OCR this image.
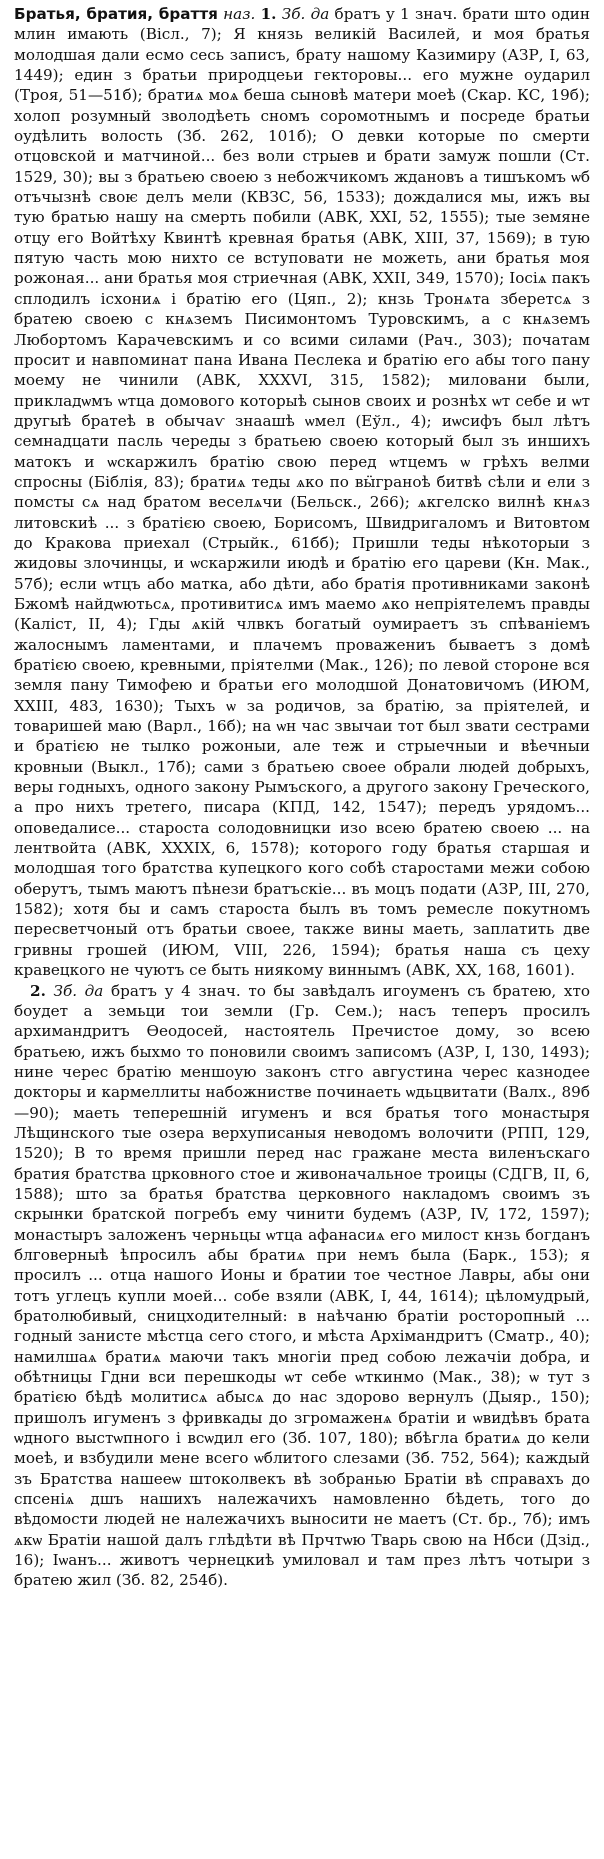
Братья, братия, браття наз. 1. Зб. да братъ у 1 знач. брати што один млин имають (Вісл., 7); Я князь великій Василей, и моя братья молодшая дали есмо сесь записъ, брату нашому Казимиру (АЗР, I, 63, 1449); един з братьи природцеьи гекторовы... его мужне оударил (Троя, 51—51б); братиѧ моѧ беша сыновѣ матери моеѣ (Скар. КС, 19б); холоп розумный зволодѣеть сномъ соромотнымъ и посреде братьи оудѣлить волость (Зб. 262, 101б); О девки которые по смерти отцовской и матчиной... без воли стрыев и брати замуж пошли (Ст. 1529, 30); вы з братьею своею з небожчикомъ ждановъ а тишъкомъ ѡб отъчызнѣ своѥ делъ мели (КВЗС, 56, 1533); дождалися мы, ижъ вы тую братью нашу на смерть побили (АВК, XXI, 52, 1555); тые земяне отцу его Войтѣху Квинтѣ кревная братья (АВК, XIII, 37, 1569); в тую пятую часть мою нихто се вступовати не можеть, ани братья моя рожоная... ани братья моя стриечная (АВК, XXII, 349, 1570); Іосіѧ пакъ сплодилъ ісхониѧ і братію его (Цяп., 2); кнзь Тронѧта зберетсѧ з братею своею с кнѧземъ Писимонтомъ Туровскимъ, а с кнѧземъ Любортомъ Карачевскимъ и со всими силами (Рач., 303); початам просит и навпоминат пана Ивана Песлека и братію его абы того пану моему не чинили (АВК, XXXVI, 315, 1582); миловани были, прикладѡмъ ѡтца домового которыѣ сынов своих и рознѣх ѡт себе и ѡт другыѣ братеѣ в обычаѵ знаашѣ ѡмел (Еўл., 4); иѡсифъ был лѣтъ семнадцати пасль череды з братьею своею который был зъ иншихъ матокъ и ѡскаржилъ братію свою перед ѡтцемъ ѡ грѣхъ велми спросны (Біблія, 83); братиѧ теды ѧко по вӹграноѣ битвѣ сѣли и ели з помсты сѧ над братом веселѧчи (Бельск., 266); ѧкгелско вилнѣ кнѧз литовскиѣ ... з братією своею, Борисомъ, Швидригаломъ и Витовтом до Кракова приехал (Стрыйк., 61бб); Пришли теды нѣкоторыи з жидовы злочинцы, и ѡскаржили июдѣ и братію его цареви (Кн. Мак., 57б); если ѡтцъ або матка, або дѣти, або братія противниками законѣ Бжомѣ найдѡютьсѧ, противитисѧ имъ маемо ѧко непріятелемъ правды (Каліст, II, 4); Гды ѧкій члвкъ богатый оумираетъ зъ спѣваніемъ жалоснымъ ламентами, и плачемъ проважениъ бываетъ з домѣ братією своею, кревными, пріятелми (Мак., 126); по левой стороне вся земля пану Тимофею и братьи его молодшой Донатовичомъ (ИЮМ, XXIII, 483, 1630); Тыхъ ѡ за родичов, за братію, за пріятелей, и товаришей маю (Варл., 16б); на ѡн час звычаи тот был звати сестрами и братією не тылко рожоныи, але теж и стрыечныи и вѣечныи кровныи (Выкл., 17б); сами з братьею своее обрали людей добрыхъ, веры годныхъ, одного закону Рымъского, а другого закону Греческого, а про нихъ третего, писара (КПД, 142, 1547); передъ урядомъ... оповедалисе... староста солодовницки изо всею братею своею ... на лентвойта (АВК, XXXIX, 6, 1578); которого году братья старшая и молодшая того братства купецкого кого собѣ старостами межи собою оберутъ, тымъ маютъ пѣнези братъскіе... въ моцъ подати (АЗР, III, 270, 1582); хотя бы и самъ староста былъ въ томъ ремесле покутномъ пересветчоный отъ братьи своее, также вины маеть, заплатить две гривны грошей (ИЮМ, VIII, 226, 1594); братья наша съ цеху кравецкого не чуютъ се быть ниякому виннымъ (АВК, XX, 168, 1601).

2. Зб. да братъ у 4 знач. то бы завѣдалъ игоуменъ съ братею, хто боудет а земьци тои земли (Гр. Сем.); насъ теперъ просилъ архимандритъ Ѳеодосей, настоятель Пречистое дому, зо всею братьею, ижъ быхмо то поновили своимъ записомъ (АЗР, I, 130, 1493); нине черес братію меншоую законъ стго августина черес казнодее докторы и кармеллиты набожнистве починаеть ѡдьцвитати (Валх., 89б—90); маеть теперешній игуменъ и вся братья того монастыря Лѣщинского тые озера верхуписаныя неводомъ волочити (РПП, 129, 1520); В то время пришли перед нас гражане места виленъскаго братия братства црковного стое и живоначальное троицы (СДГВ, II, 6, 1588); што за братья братства церковного накладомъ своимъ зъ скрынки братской погребъ ему чинити будемъ (АЗР, IV, 172, 1597); монастыръ заложенъ черньцы ѡтца афанасиѧ его милост кнзь богданъ блговерныѣ ѣпросилъ абы братиѧ при немъ была (Барк., 153); я просилъ ... отца нашого Ионы и братии тое честное Лавры, абы они тотъ углецъ купли моей... собе взяли (АВК, I, 44, 1614); цѣломудрый, братолюбивый, сницходителный: в наѣчаню братіи росторопный ... годный занисте мѣстца сего стого, и мѣста Архімандритъ (Сматр., 40); намилшаѧ братиѧ маючи такъ многіи пред собою лежачіи добра, и обѣтницы Гдни вси перешкоды ѡт себе ѡткинмо (Мак., 38); ѡ тут з братією бѣдѣ молитисѧ абысѧ до нас здорово вернулъ (Дыяр., 150); пришолъ игуменъ з фривкады до згромаженѧ братіи и ѡвидѣвъ брата ѡдного выстѡпного і всѡдил его (Зб. 107, 180); вбѣгла братиѧ до кели моеѣ, и взбудили мене всего ѡблитого слезами (Зб. 752, 564); каждый зъ Братства нашееѡ штоколвекъ вѣ зобранью Братіи вѣ справахъ до спсеніѧ дшъ нашихъ належачихъ намовленно бѣдеть, того до вѣдомости людей не належачихъ выносити не маетъ (Ст. бр., 7б); имъ ѧкѡ Братіи нашой далъ глѣдѣти вѣ Прчтѡю Тварь свою на Нбси (Дзід., 16); Іѡанъ... животъ чернецкиѣ умиловал и там през лѣтъ чотыри з братею жил (Зб. 82, 254б).
